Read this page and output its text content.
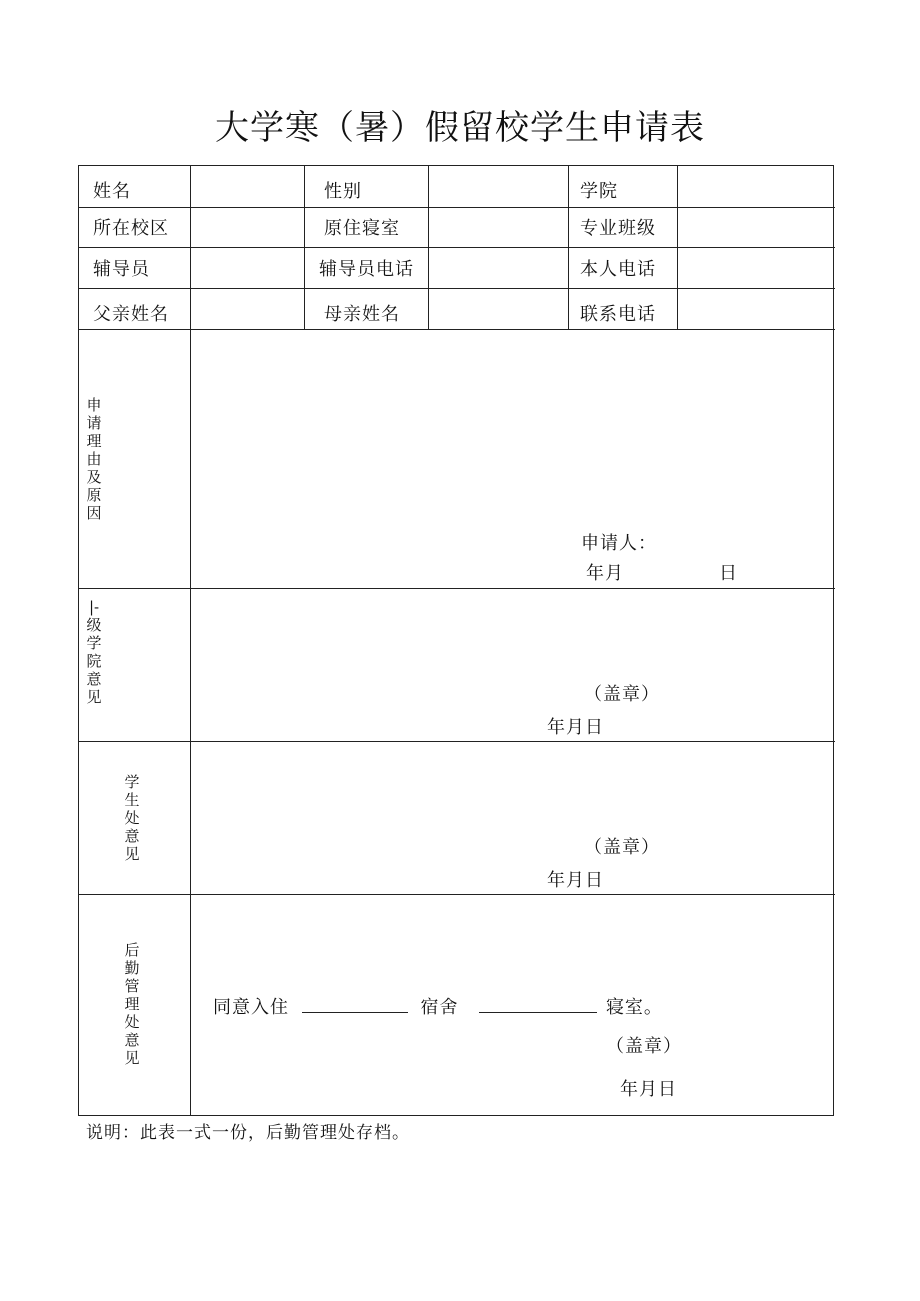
大学寒（暑）假留校学生申请表
姓名	性别	学院
所在校区	原住寝室	专业班级
辅导员	辅导员电话	本人电话
父亲姓名	母亲姓名	联系电话
申请理由及原因
申请人：
年月	日
|-级学院意见	（盖章）
年月日
学生处意见	（盖章）
年月日
后勤管理处意见
同意入住	宿舍	寝室。
（盖章）
年月日
说明：此表一式一份，后勤管理处存档。
